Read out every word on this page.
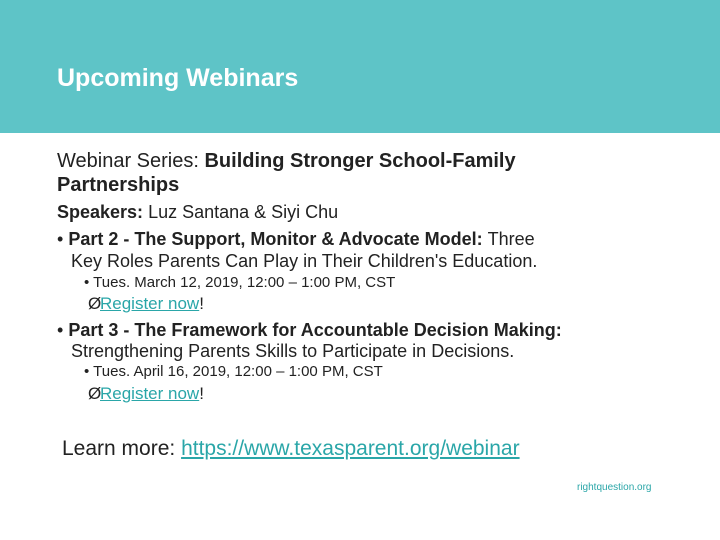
Upcoming Webinars
Webinar Series: Building Stronger School-Family
Partnerships
Speakers: Luz Santana & Siyi Chu
• Part 2 - The Support, Monitor & Advocate Model: Three
Key Roles Parents Can Play in Their Children's Education.
• Tues. March 12, 2019, 12:00 – 1:00 PM, CST
ØRegister now!
• Part 3 - The Framework for Accountable Decision Making:
Strengthening Parents Skills to Participate in Decisions.
• Tues. April 16, 2019, 12:00 – 1:00 PM, CST
ØRegister now!
Learn more: https://www.texasparent.org/webinar
rightquestion.org
